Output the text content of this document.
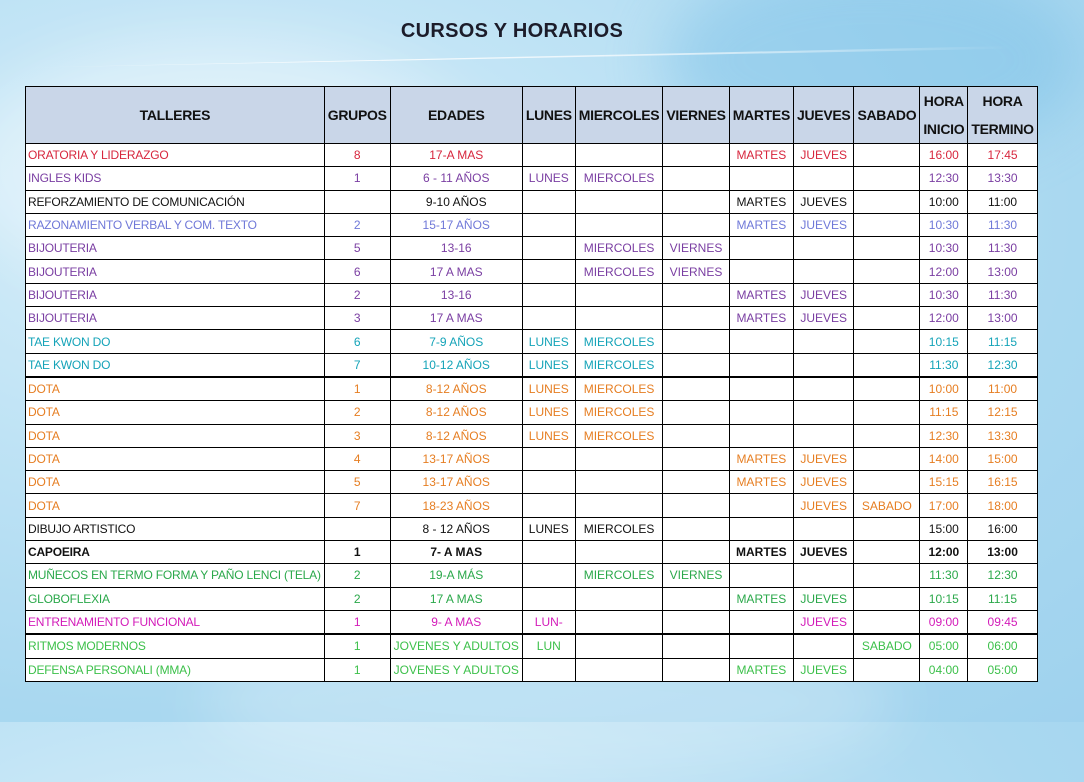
CURSOS Y HORARIOS
TALLERES	GRUPOS	EDADES	LUNES	MIERCOLES	VIERNES	MARTES	JUEVES	SABADO	HORA INICIO	HORA TERMINO
ORATORIA Y LIDERAZGO	8	17-A MAS				MARTES	JUEVES		16:00	17:45
INGLES KIDS	1	6 - 11 AÑOS	LUNES	MIERCOLES					12:30	13:30
REFORZAMIENTO DE COMUNICACIÓN		9-10 AÑOS				MARTES	JUEVES		10:00	11:00
RAZONAMIENTO VERBAL Y COM. TEXTO	2	15-17 AÑOS				MARTES	JUEVES		10:30	11:30
BIJOUTERIA	5	13-16		MIERCOLES	VIERNES				10:30	11:30
BIJOUTERIA	6	17 A MAS		MIERCOLES	VIERNES				12:00	13:00
BIJOUTERIA	2	13-16				MARTES	JUEVES		10:30	11:30
BIJOUTERIA	3	17 A MAS				MARTES	JUEVES		12:00	13:00
TAE KWON DO	6	7-9 AÑOS	LUNES	MIERCOLES					10:15	11:15
TAE KWON DO	7	10-12 AÑOS	LUNES	MIERCOLES					11:30	12:30
DOTA	1	8-12 AÑOS	LUNES	MIERCOLES					10:00	11:00
DOTA	2	8-12 AÑOS	LUNES	MIERCOLES					11:15	12:15
DOTA	3	8-12 AÑOS	LUNES	MIERCOLES					12:30	13:30
DOTA	4	13-17 AÑOS				MARTES	JUEVES		14:00	15:00
DOTA	5	13-17 AÑOS				MARTES	JUEVES		15:15	16:15
DOTA	7	18-23 AÑOS					JUEVES	SABADO	17:00	18:00
DIBUJO ARTISTICO		8 - 12 AÑOS	LUNES	MIERCOLES					15:00	16:00
CAPOEIRA	1	7- A MAS				MARTES	JUEVES		12:00	13:00
MUÑECOS EN TERMO FORMA Y PAÑO LENCI (TELA)	2	19-A MÁS		MIERCOLES	VIERNES				11:30	12:30
GLOBOFLEXIA	2	17 A MAS				MARTES	JUEVES		10:15	11:15
ENTRENAMIENTO FUNCIONAL	1	9- A MAS	LUN-				JUEVES		09:00	09:45
RITMOS MODERNOS	1	JOVENES Y ADULTOS	LUN					SABADO	05:00	06:00
DEFENSA PERSONALI (MMA)	1	JOVENES Y ADULTOS				MARTES	JUEVES		04:00	05:00
